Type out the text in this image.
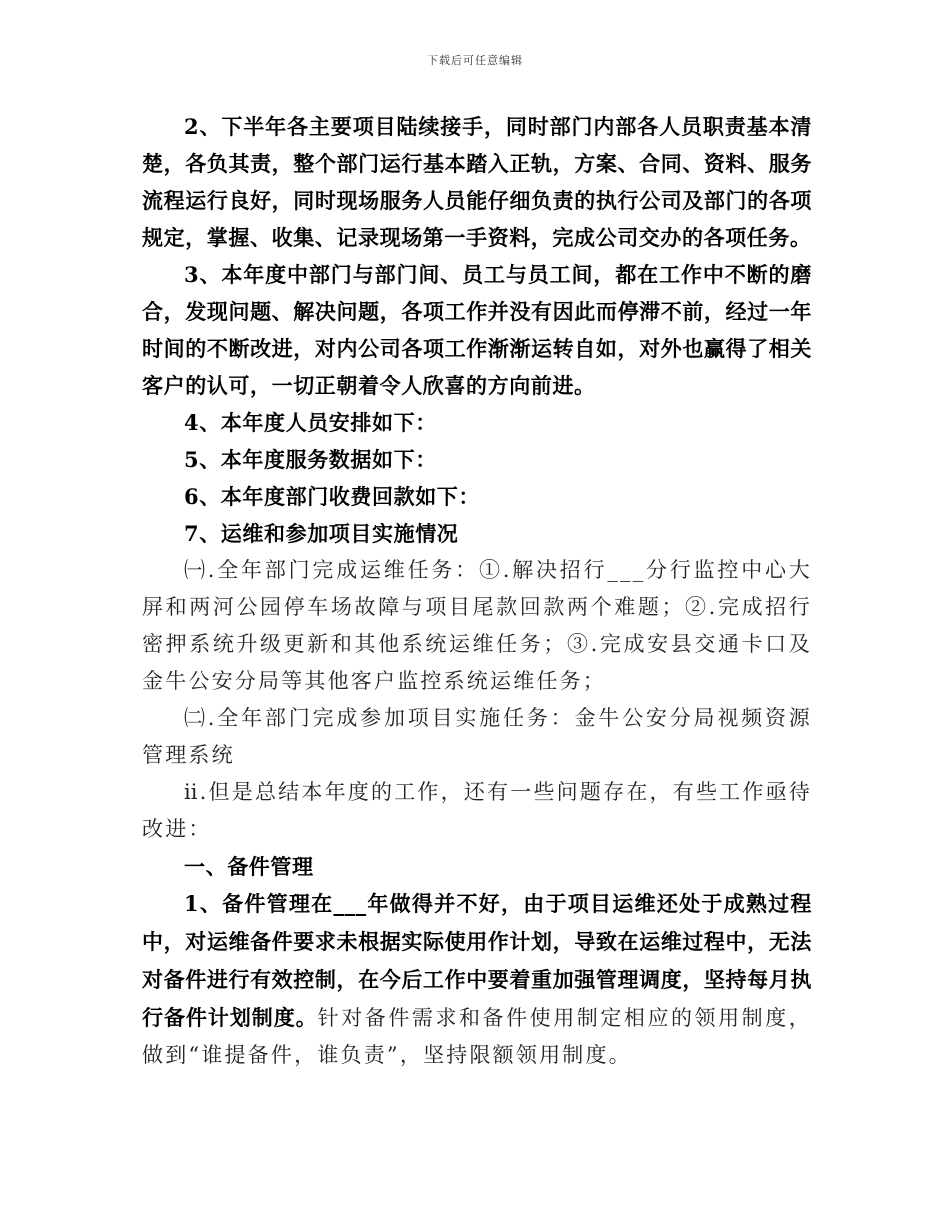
下载后可任意编辑

2、下半年各主要项目陆续接手，同时部门内部各人员职责基本清楚，各负其责，整个部门运行基本踏入正轨，方案、合同、资料、服务流程运行良好，同时现场服务人员能仔细负责的执行公司及部门的各项规定，掌握、收集、记录现场第一手资料，完成公司交办的各项任务。

3、本年度中部门与部门间、员工与员工间，都在工作中不断的磨合，发现问题、解决问题，各项工作并没有因此而停滞不前，经过一年时间的不断改进，对内公司各项工作渐渐运转自如，对外也赢得了相关客户的认可，一切正朝着令人欣喜的方向前进。

4、本年度人员安排如下：

5、本年度服务数据如下：

6、本年度部门收费回款如下：

7、运维和参加项目实施情况

㈠.全年部门完成运维任务：①.解决招行___分行监控中心大屏和两河公园停车场故障与项目尾款回款两个难题；②.完成招行密押系统升级更新和其他系统运维任务；③.完成安县交通卡口及金牛公安分局等其他客户监控系统运维任务；

㈡.全年部门完成参加项目实施任务：金牛公安分局视频资源管理系统

ⅱ.但是总结本年度的工作，还有一些问题存在，有些工作亟待改进：

一、备件管理

1、备件管理在___年做得并不好，由于项目运维还处于成熟过程中，对运维备件要求未根据实际使用作计划，导致在运维过程中，无法对备件进行有效控制，在今后工作中要着重加强管理调度，坚持每月执行备件计划制度。针对备件需求和备件使用制定相应的领用制度，做到“谁提备件，谁负责”，坚持限额领用制度。
